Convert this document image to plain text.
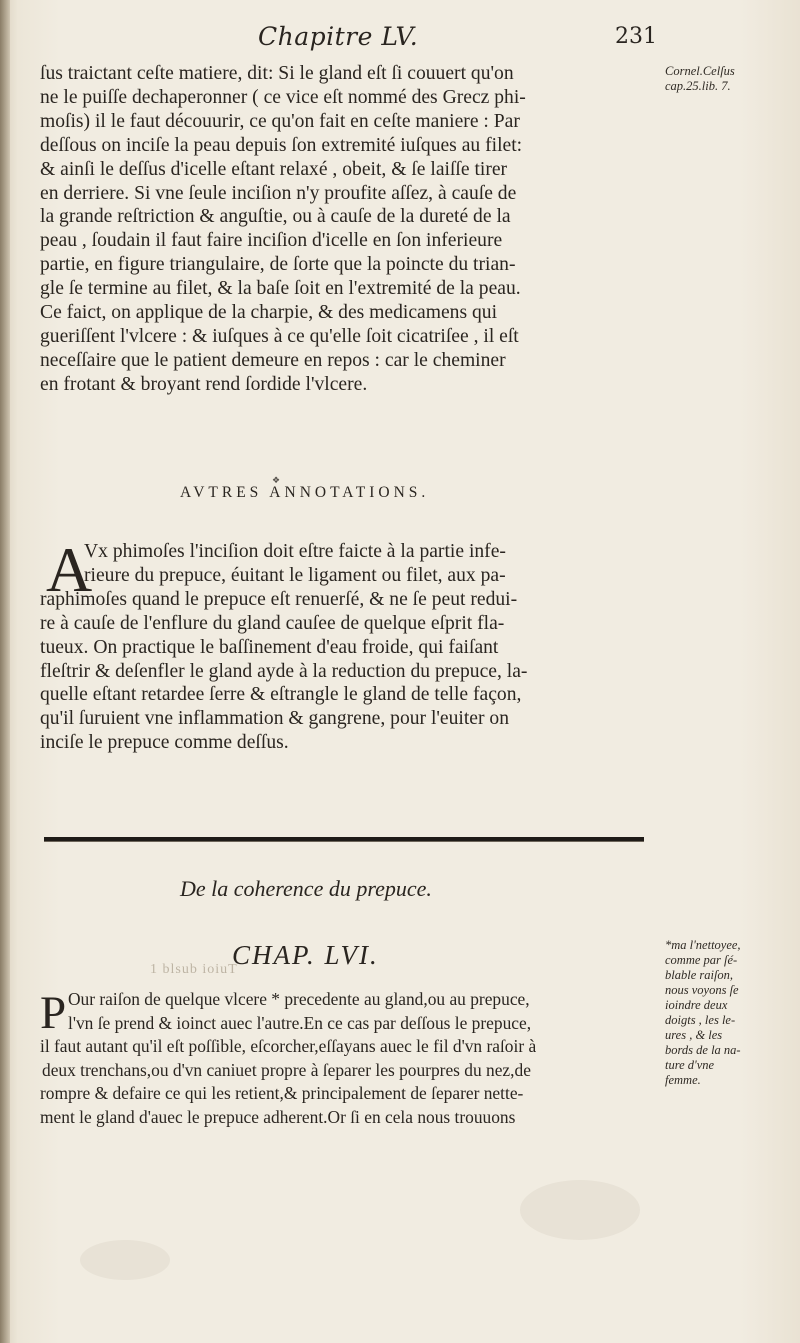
Chapitre LV.	231
ſus traictant ceſte matiere, dit: Si le gland eſt ſi couuert qu'on
ne le puiſſe dechaperonner ( ce vice eſt nommé des Grecz phi-
moſis) il le faut découurir, ce qu'on fait en ceſte maniere : Par
deſſous on inciſe la peau depuis ſon extremité iuſques au filet:
& ainſi le deſſus d'icelle eſtant relaxé , obeit, & ſe laiſſe tirer
en derriere. Si vne ſeule inciſion n'y proufite aſſez, à cauſe de
la grande reſtriction & anguſtie, ou à cauſe de la dureté de la
peau , ſoudain il faut faire inciſion d'icelle en ſon inferieure
partie, en figure triangulaire, de ſorte que la poincte du trian-
gle ſe termine au filet, & la baſe ſoit en l'extremité de la peau.
Ce faict, on applique de la charpie, & des medicamens qui
gueriſſent l'vlcere : & iuſques à ce qu'elle ſoit cicatriſee , il eſt
neceſſaire que le patient demeure en repos : car le cheminer
en frotant & broyant rend ſordide l'vlcere.
Cornel.Celſus
cap.25.lib. 7.
❖
AVTRES ANNOTATIONS.
A
Vx phimoſes l'inciſion doit eſtre faicte à la partie infe-
rieure du prepuce, éuitant le ligament ou filet, aux pa-
raphimoſes quand le prepuce eſt renuerſé, & ne ſe peut redui-
re à cauſe de l'enflure du gland cauſee de quelque eſprit fla-
tueux. On practique le baſſinement d'eau froide, qui faiſant
fleſtrir & deſenfler le gland ayde à la reduction du prepuce, la-
quelle eſtant retardee ſerre & eſtrangle le gland de telle façon,
qu'il ſuruient vne inflammation & gangrene, pour l'euiter on
inciſe le prepuce comme deſſus.
De la coherence du prepuce.
1 blsub ioiuT
CHAP. LVI.	*ma l'nettoyee,
comme par ſé-
blable raiſon,
nous voyons ſe
ioindre deux
doigts , les le-
ures , & les
bords de la na-
ture d'vne
femme.
P Our raiſon de quelque vlcere * precedente au gland,ou au prepuce,
l'vn ſe prend & ioinct auec l'autre.En ce cas par deſſous le prepuce,
il faut autant qu'il eſt poſſible, eſcorcher,eſſayans auec le fil d'vn raſoir à
deux trenchans,ou d'vn caniuet propre à ſeparer les pourpres du nez,de
rompre & defaire ce qui les retient,& principalement de ſeparer nette-
ment le gland d'auec le prepuce adherent.Or ſi en cela nous trouuons
